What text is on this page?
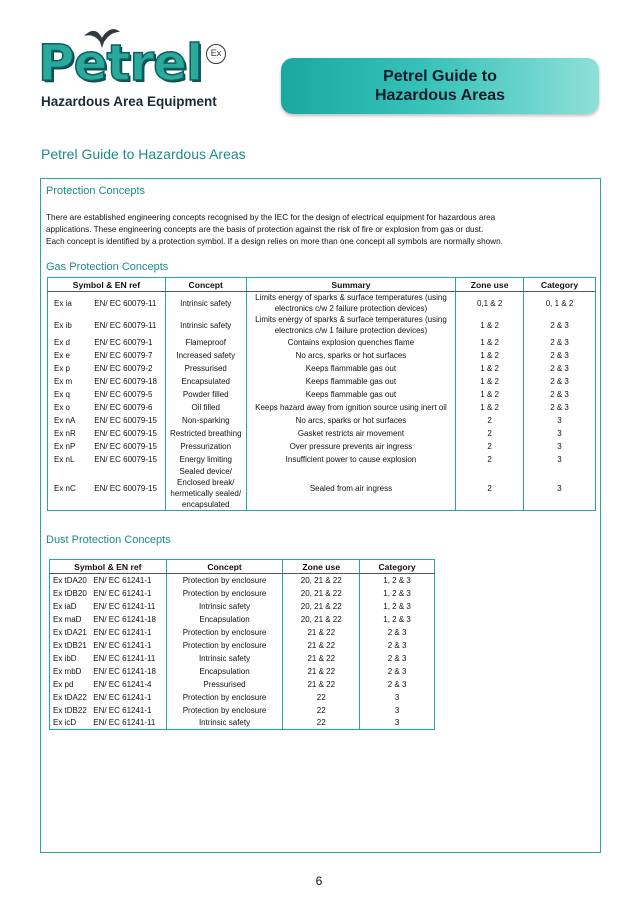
Petrel Ex
Hazardous Area Equipment
Petrel Guide to
Hazardous Areas
Petrel Guide to Hazardous Areas
Protection Concepts
There are established engineering concepts recognised by the IEC for the design of electrical equipment for hazardous area
applications. These engineering concepts are the basis of protection against the risk of fire or explosion from gas or dust.
Each concept is identified by a protection symbol. If a design relies on more than one concept all symbols are normally shown.
Gas Protection Concepts
Symbol & EN ref	Concept	Summary	Zone use	Category
Ex ia EN/ EC 60079-11	Intrinsic safety	Limits energy of sparks & surface temperatures (using electronics c/w 2 failure protection devices)	0,1 & 2	0, 1 & 2
Ex ib EN/ EC 60079-11	Intrinsic safety	Limits energy of sparks & surface temperatures (using electronics c/w 1 failure protection devices)	1 & 2	2 & 3
Ex d EN/ EC 60079-1	Flameproof	Contains explosion quenches flame	1 & 2	2 & 3
Ex e EN/ EC 60079-7	Increased safety	No arcs, sparks or hot surfaces	1 & 2	2 & 3
Ex p EN/ EC 60079-2	Pressurised	Keeps flammable gas out	1 & 2	2 & 3
Ex m EN/ EC 60079-18	Encapsulated	Keeps flammable gas out	1 & 2	2 & 3
Ex q EN/ EC 60079-5	Powder filled	Keeps flammable gas out	1 & 2	2 & 3
Ex o EN/ EC 60079-6	Oil filled	Keeps hazard away from ignition source using inert oil	1 & 2	2 & 3
Ex nA EN/ EC 60079-15	Non-sparking	No arcs, sparks or hot surfaces	2	3
Ex nR EN/ EC 60079-15	Restricted breathing	Gasket restricts air movement	2	3
Ex nP EN/ EC 60079-15	Pressurization	Over pressure prevents air ingress	2	3
Ex nL EN/ EC 60079-15	Energy limiting	Insufficient power to cause explosion	2	3
Ex nC EN/ EC 60079-15	Sealed device/ Enclosed break/ hermetically sealed/ encapsulated	Sealed from air ingress	2	3
Dust Protection Concepts
Symbol & EN ref	Concept	Zone use	Category
Ex tDA20 EN/ EC 61241-1	Protection by enclosure	20, 21 & 22	1, 2 & 3
Ex tDB20 EN/ EC 61241-1	Protection by enclosure	20, 21 & 22	1, 2 & 3
Ex iaD EN/ EC 61241-11	Intrinsic safety	20, 21 & 22	1, 2 & 3
Ex maD EN/ EC 61241-18	Encapsulation	20, 21 & 22	1, 2 & 3
Ex tDA21 EN/ EC 61241-1	Protection by enclosure	21 & 22	2 & 3
Ex tDB21 EN/ EC 61241-1	Protection by enclosure	21 & 22	2 & 3
Ex ibD EN/ EC 61241-11	Intrinsic safety	21 & 22	2 & 3
Ex mbD EN/ EC 61241-18	Encapsulation	21 & 22	2 & 3
Ex pd EN/ EC 61241-4	Pressurised	21 & 22	2 & 3
Ex tDA22 EN/ EC 61241-1	Protection by enclosure	22	3
Ex tDB22 EN/ EC 61241-1	Protection by enclosure	22	3
Ex icD EN/ EC 61241-11	Intrinsic safety	22	3
6
